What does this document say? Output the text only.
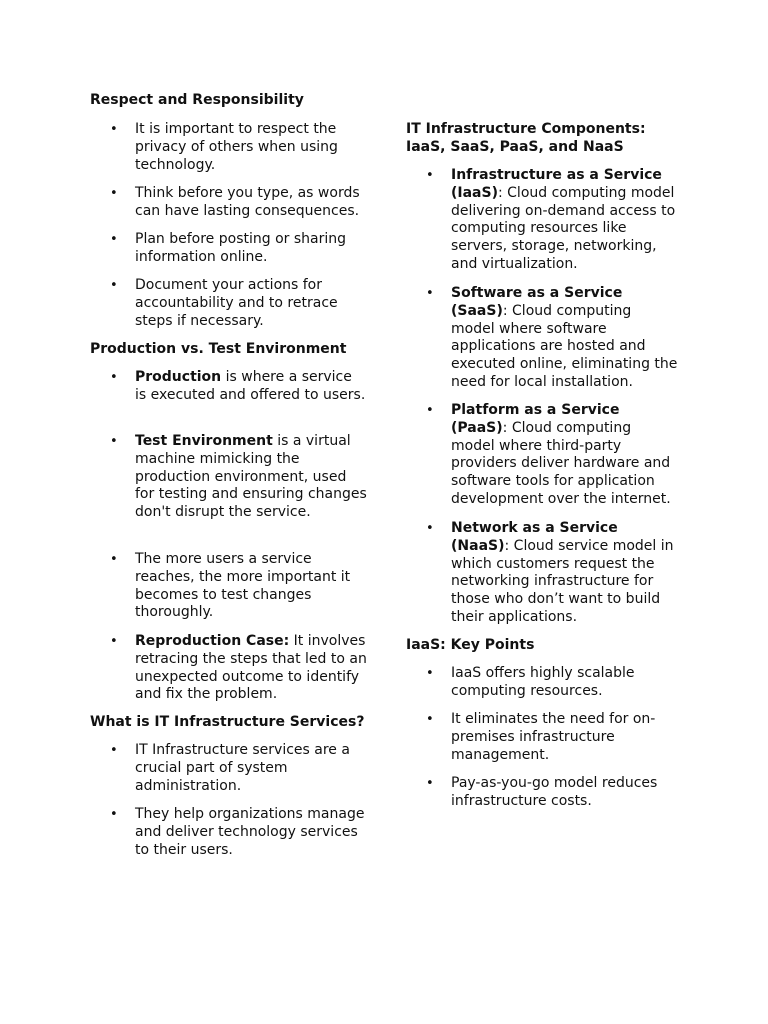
Respect and Responsibility
• It is important to respect the privacy of others when using technology.
• Think before you type, as words can have lasting consequences.
• Plan before posting or sharing information online.
• Document your actions for accountability and to retrace steps if necessary.
Production vs. Test Environment
• Production is where a service is executed and offered to users.
• Test Environment is a virtual machine mimicking the production environment, used for testing and ensuring changes don't disrupt the service.
• The more users a service reaches, the more important it becomes to test changes thoroughly.
• Reproduction Case: It involves retracing the steps that led to an unexpected outcome to identify and fix the problem.
What is IT Infrastructure Services?
• IT Infrastructure services are a crucial part of system administration.
• They help organizations manage and deliver technology services to their users.
IT Infrastructure Components:
IaaS, SaaS, PaaS, and NaaS
• Infrastructure as a Service (IaaS): Cloud computing model delivering on-demand access to computing resources like servers, storage, networking, and virtualization.
• Software as a Service (SaaS): Cloud computing model where software applications are hosted and executed online, eliminating the need for local installation.
• Platform as a Service (PaaS): Cloud computing model where third-party providers deliver hardware and software tools for application development over the internet.
• Network as a Service (NaaS): Cloud service model in which customers request the networking infrastructure for those who don’t want to build their applications.
IaaS: Key Points
• IaaS offers highly scalable computing resources.
• It eliminates the need for on-premises infrastructure management.
• Pay-as-you-go model reduces infrastructure costs.
